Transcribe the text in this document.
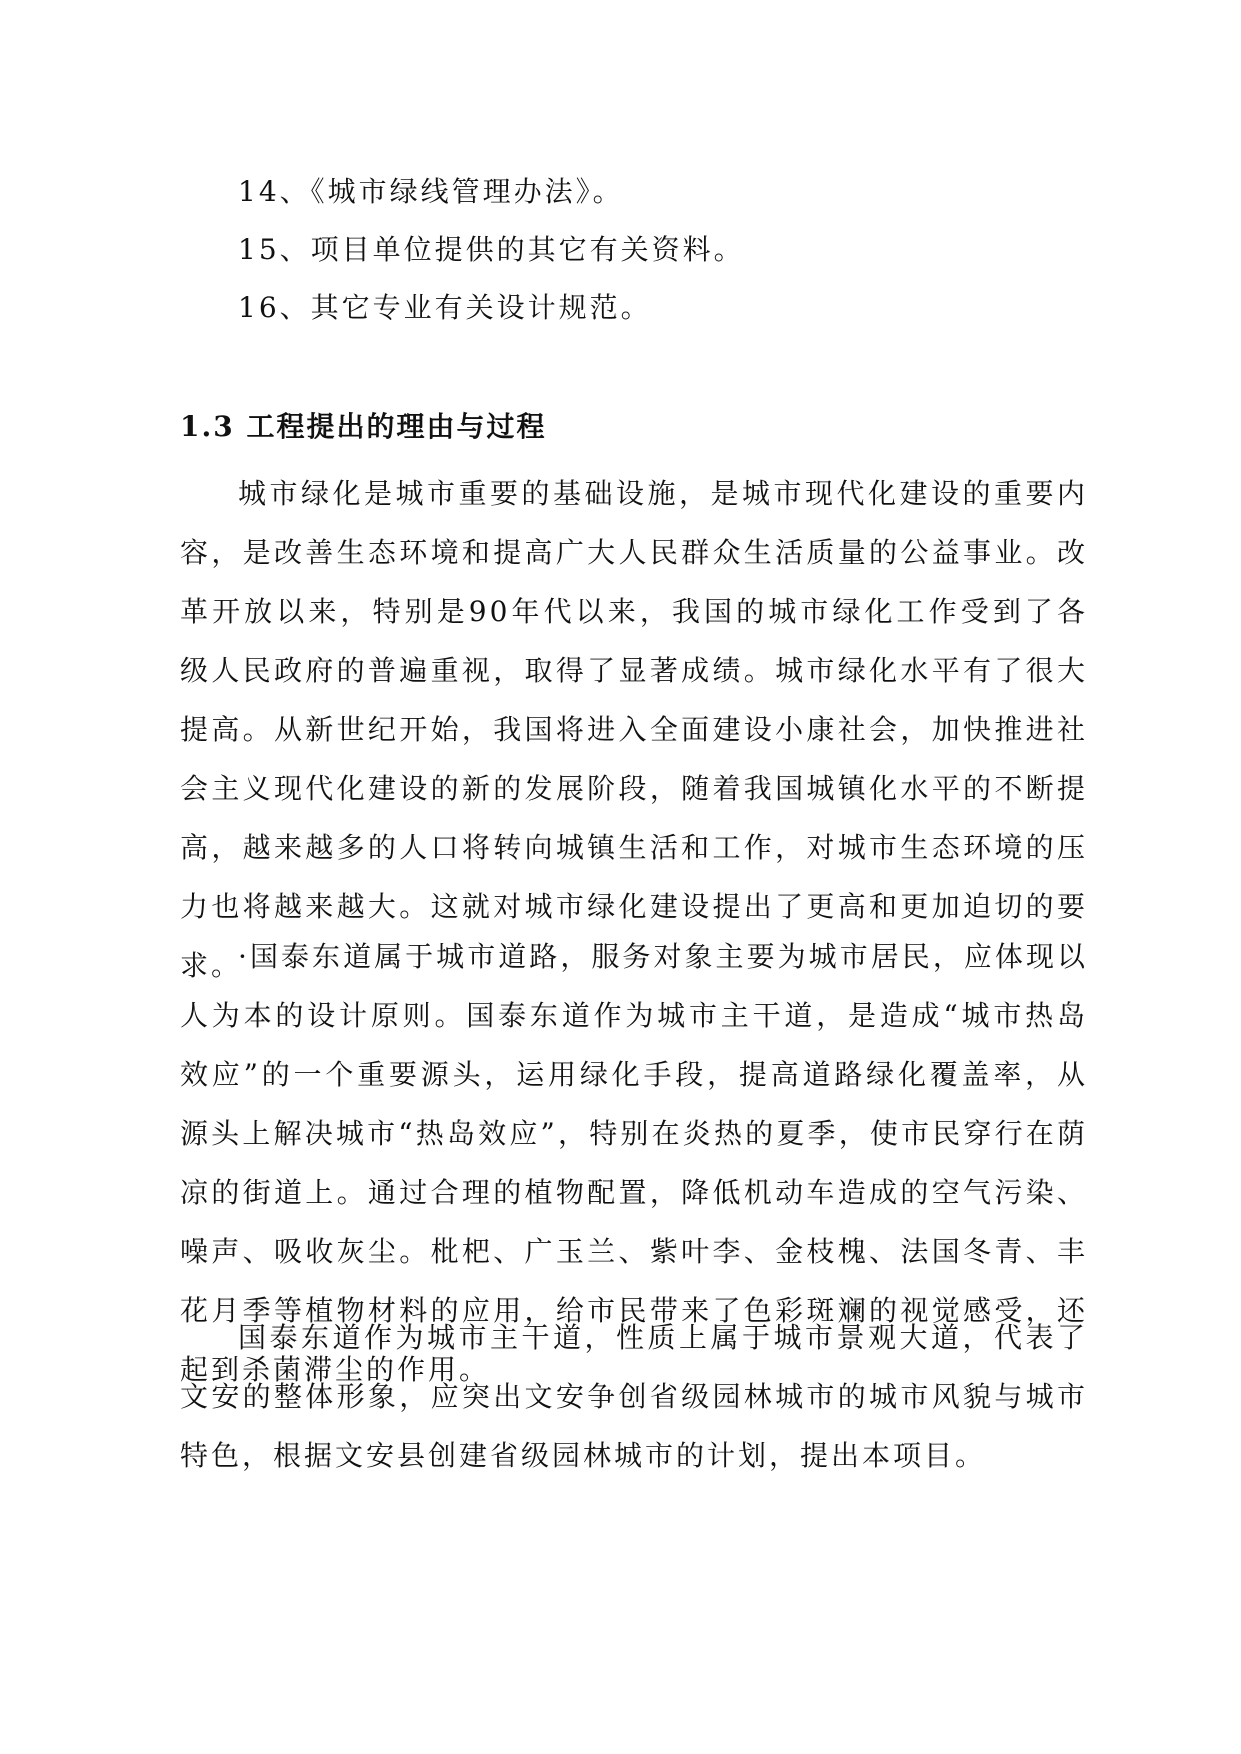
14、《城市绿线管理办法》。
15、项目单位提供的其它有关资料。
16、其它专业有关设计规范。
1.3 工程提出的理由与过程

城市绿化是城市重要的基础设施，是城市现代化建设的重要内容，是改善生态环境和提高广大人民群众生活质量的公益事业。改革开放以来，特别是90年代以来，我国的城市绿化工作受到了各级人民政府的普遍重视，取得了显著成绩。城市绿化水平有了很大提高。从新世纪开始，我国将进入全面建设小康社会，加快推进社会主义现代化建设的新的发展阶段，随着我国城镇化水平的不断提高，越来越多的人口将转向城镇生活和工作，对城市生态环境的压力也将越来越大。这就对城市绿化建设提出了更高和更加迫切的要求。

·国泰东道属于城市道路，服务对象主要为城市居民，应体现以人为本的设计原则。国泰东道作为城市主干道，是造成“城市热岛效应”的一个重要源头，运用绿化手段，提高道路绿化覆盖率，从源头上解决城市“热岛效应”，特别在炎热的夏季，使市民穿行在荫凉的街道上。通过合理的植物配置，降低机动车造成的空气污染、噪声、吸收灰尘。枇杷、广玉兰、紫叶李、金枝槐、法国冬青、丰花月季等植物材料的应用，给市民带来了色彩斑斓的视觉感受，还起到杀菌滞尘的作用。

国泰东道作为城市主干道，性质上属于城市景观大道，代表了文安的整体形象，应突出文安争创省级园林城市的城市风貌与城市特色，根据文安县创建省级园林城市的计划，提出本项目。
